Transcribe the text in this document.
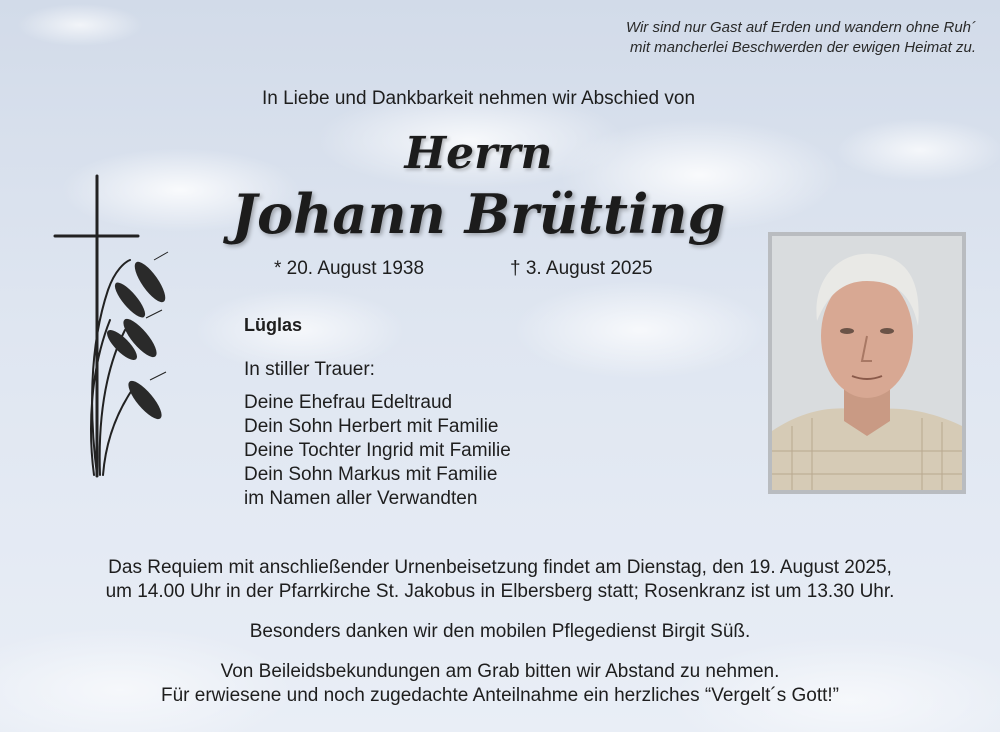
Wir sind nur Gast auf Erden und wandern ohne Ruh´
mit mancherlei Beschwerden der ewigen Heimat zu.
In Liebe und Dankbarkeit nehmen wir Abschied von
Herrn
Johann Brütting
* 20. August 1938	† 3. August 2025
Lüglas
In stiller Trauer:
Deine Ehefrau Edeltraud
Dein Sohn Herbert mit Familie
Deine Tochter Ingrid mit Familie
Dein Sohn Markus mit Familie
im Namen aller Verwandten
Das Requiem mit anschließender Urnenbeisetzung findet am Dienstag, den 19. August 2025,
um 14.00 Uhr in der Pfarrkirche St. Jakobus in Elbersberg statt; Rosenkranz ist um 13.30 Uhr.
Besonders danken wir den mobilen Pflegedienst Birgit Süß.
Von Beileidsbekundungen am Grab bitten wir Abstand zu nehmen.
Für erwiesene und noch zugedachte Anteilnahme ein herzliches “Vergelt´s Gott!”
